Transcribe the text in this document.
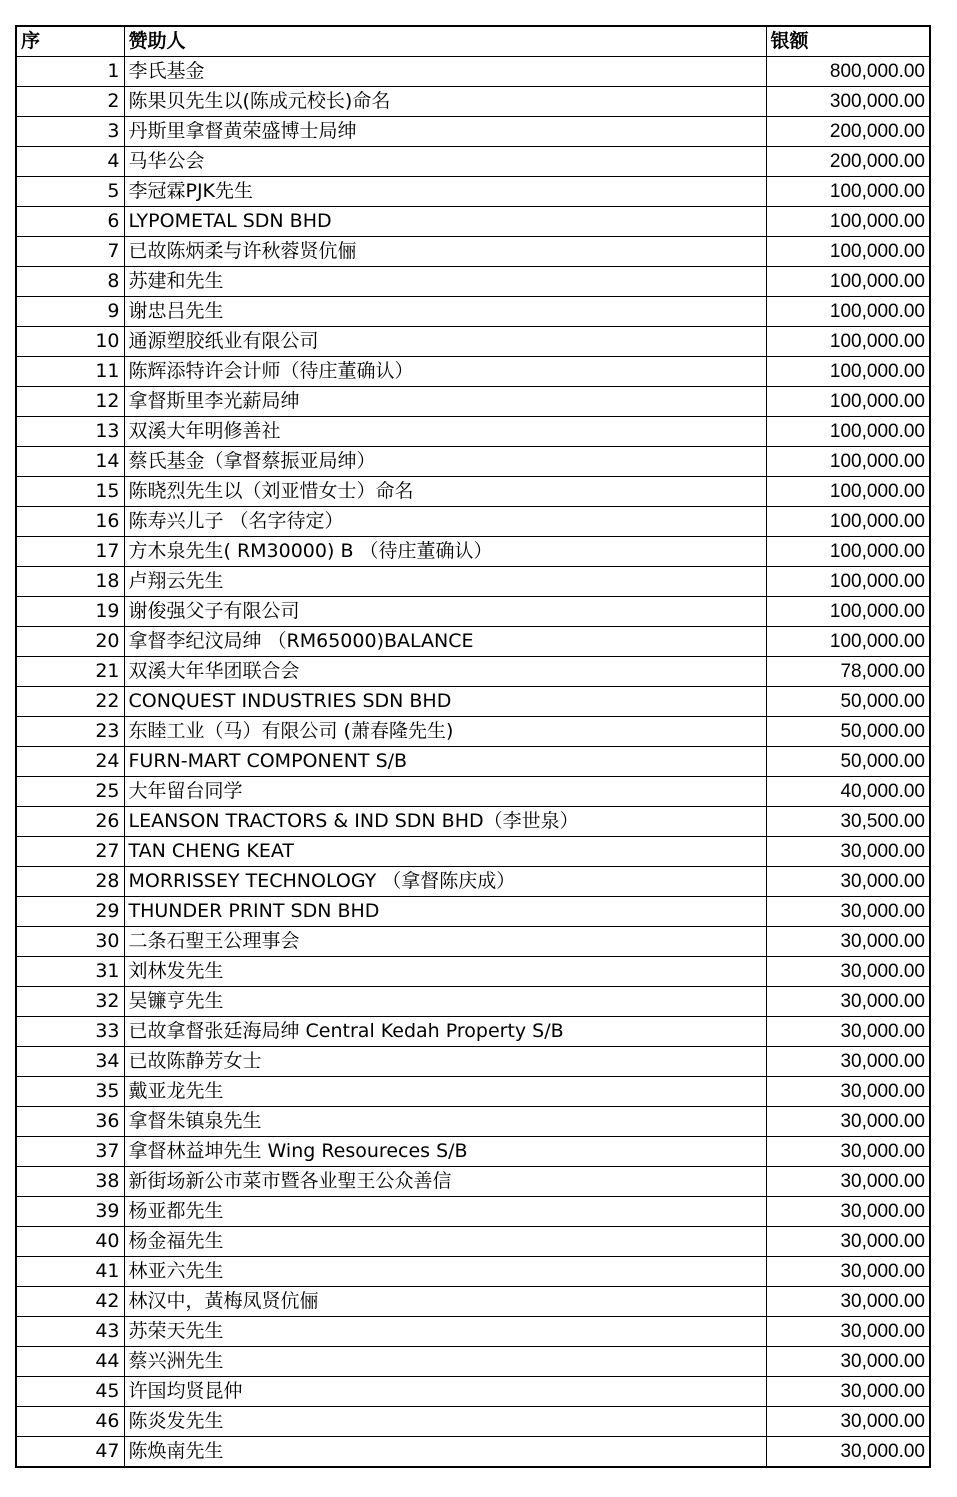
序	赞助人	银额
1	李氏基金	800,000.00
2	陈果贝先生以(陈成元校长)命名	300,000.00
3	丹斯里拿督黄荣盛博士局绅	200,000.00
4	马华公会	200,000.00
5	李冠霖PJK先生	100,000.00
6	LYPOMETAL SDN BHD	100,000.00
7	已故陈炳柔与许秋蓉贤伉俪	100,000.00
8	苏建和先生	100,000.00
9	谢忠吕先生	100,000.00
10	通源塑胶纸业有限公司	100,000.00
11	陈辉添特许会计师（待庄董确认）	100,000.00
12	拿督斯里李光薪局绅	100,000.00
13	双溪大年明修善社	100,000.00
14	蔡氏基金（拿督蔡振亚局绅）	100,000.00
15	陈晓烈先生以（刘亚惜女士）命名	100,000.00
16	陈寿兴儿子 （名字待定）	100,000.00
17	方木泉先生( RM30000) B （待庄董确认）	100,000.00
18	卢翔云先生	100,000.00
19	谢俊强父子有限公司	100,000.00
20	拿督李纪汶局绅 （RM65000)BALANCE	100,000.00
21	双溪大年华团联合会	78,000.00
22	CONQUEST INDUSTRIES SDN BHD	50,000.00
23	东睦工业（马）有限公司 (萧春隆先生)	50,000.00
24	FURN-MART COMPONENT S/B	50,000.00
25	大年留台同学	40,000.00
26	LEANSON TRACTORS & IND SDN BHD（李世泉）	30,500.00
27	TAN CHENG KEAT	30,000.00
28	MORRISSEY TECHNOLOGY （拿督陈庆成）	30,000.00
29	THUNDER PRINT SDN BHD	30,000.00
30	二条石聖王公理事会	30,000.00
31	刘林发先生	30,000.00
32	吴镰亨先生	30,000.00
33	已故拿督张廷海局绅 Central Kedah Property S/B	30,000.00
34	已故陈静芳女士	30,000.00
35	戴亚龙先生	30,000.00
36	拿督朱镇泉先生	30,000.00
37	拿督林益坤先生 Wing Resoureces S/B	30,000.00
38	新街场新公市菜市暨各业聖王公众善信	30,000.00
39	杨亚都先生	30,000.00
40	杨金福先生	30,000.00
41	林亚六先生	30,000.00
42	林汉中，黃梅凤贤伉俪	30,000.00
43	苏荣天先生	30,000.00
44	蔡兴洲先生	30,000.00
45	许国均贤昆仲	30,000.00
46	陈炎发先生	30,000.00
47	陈焕南先生	30,000.00
